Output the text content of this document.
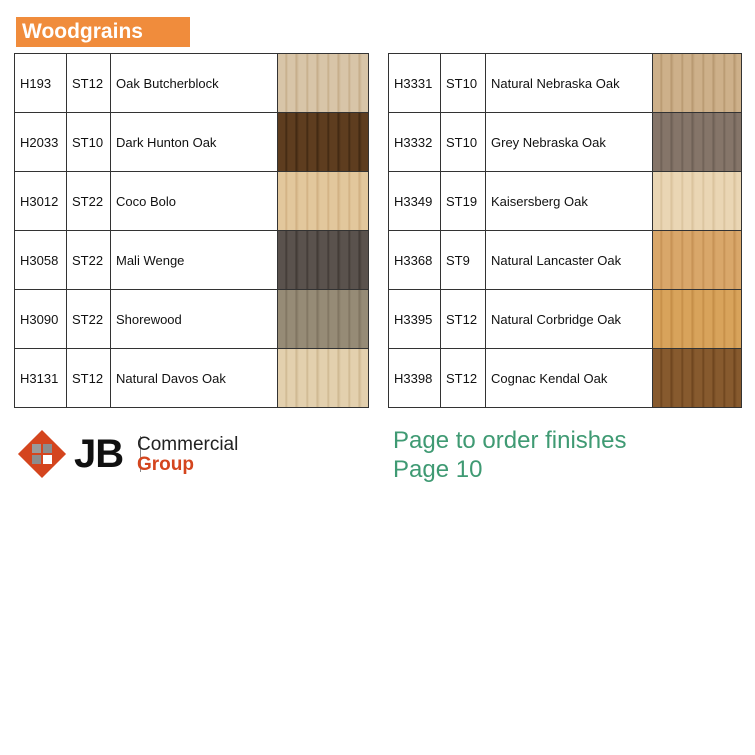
Woodgrains
H193	ST12	Oak Butcherblock	

H2033	ST10	Dark Hunton Oak	

H3012	ST22	Coco Bolo	

H3058	ST22	Mali Wenge	

H3090	ST22	Shorewood	

H3131	ST12	Natural Davos Oak	
H3331	ST10	Natural Nebraska Oak	

H3332	ST10	Grey Nebraska Oak	

H3349	ST19	Kaisersberg Oak	

H3368	ST9	Natural Lancaster Oak	

H3395	ST12	Natural Corbridge Oak	

H3398	ST12	Cognac Kendal Oak	
JB Commercial
Group
Page to order finishes
Page 10
